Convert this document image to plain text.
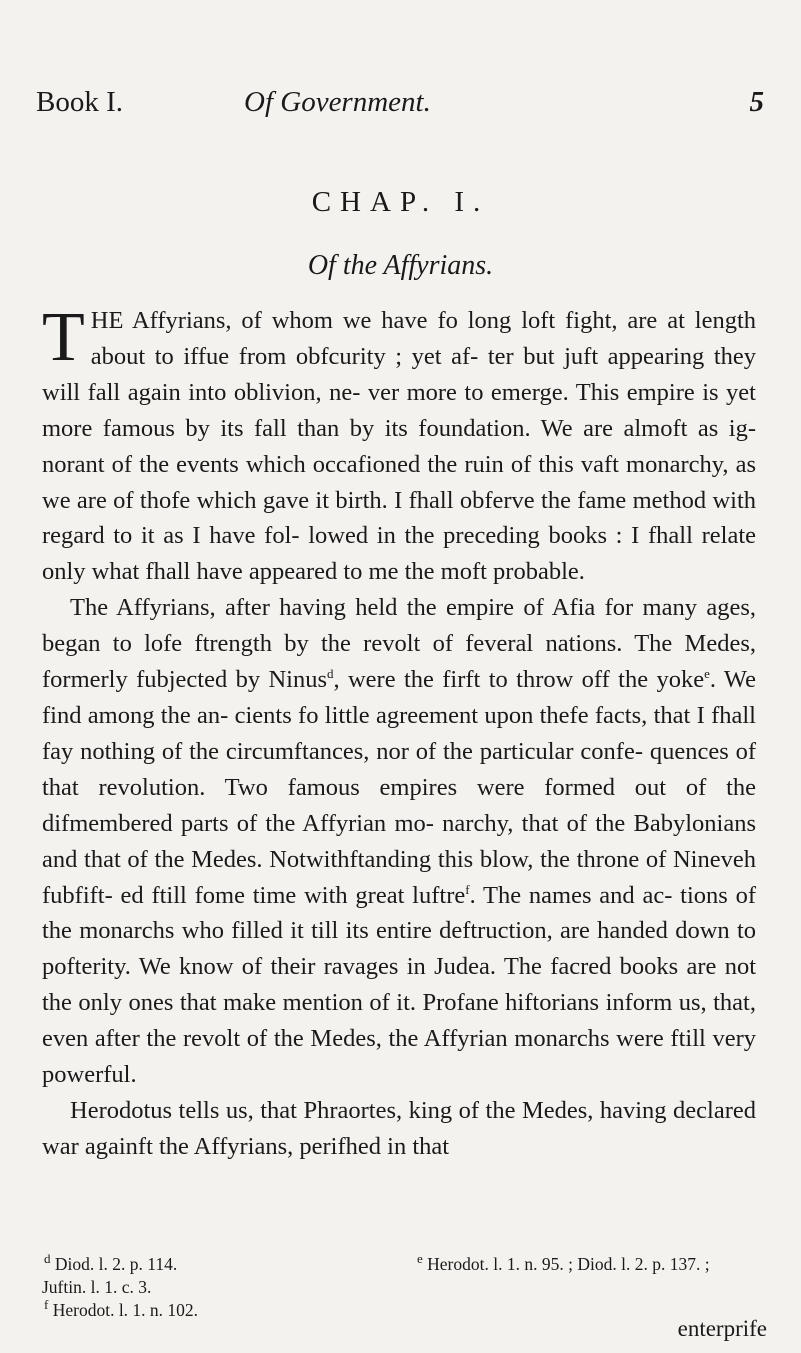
Book I.	Of Government.	5
CHAP. I.
Of the Affyrians.

THE Affyrians, of whom we have fo long loft fight, are at length about to iffue from obfcurity ; yet af- ter but juft appearing they will fall again into oblivion, ne- ver more to emerge. This empire is yet more famous by its fall than by its foundation. We are almoft as ig- norant of the events which occafioned the ruin of this vaft monarchy, as we are of thofe which gave it birth. I fhall obferve the fame method with regard to it as I have fol- lowed in the preceding books : I fhall relate only what fhall have appeared to me the moft probable.

The Affyrians, after having held the empire of Afia for many ages, began to lofe ftrength by the revolt of feveral nations. The Medes, formerly fubjected by Ninus$^d$, were the firft to throw off the yoke$^e$. We find among the an- cients fo little agreement upon thefe facts, that I fhall fay nothing of the circumftances, nor of the particular confe- quences of that revolution. Two famous empires were formed out of the difmembered parts of the Affyrian mo- narchy, that of the Babylonians and that of the Medes. Notwithftanding this blow, the throne of Nineveh fubfift- ed ftill fome time with great luftre$^f$. The names and ac- tions of the monarchs who filled it till its entire deftruction, are handed down to pofterity. We know of their ravages in Judea. The facred books are not the only ones that make mention of it. Profane hiftorians inform us, that, even after the revolt of the Medes, the Affyrian monarchs were ftill very powerful.

Herodotus tells us, that Phraortes, king of the Medes, having declared war againft the Affyrians, perifhed in that

$^d$ Diod. l. 2. p. 114.	$^e$ Herodot. l. 1. n. 95. ; Diod. l. 2. p. 137. ;
Juftin. l. 1. c. 3.
$^f$ Herodot. l. 1. n. 102.
enterprife
